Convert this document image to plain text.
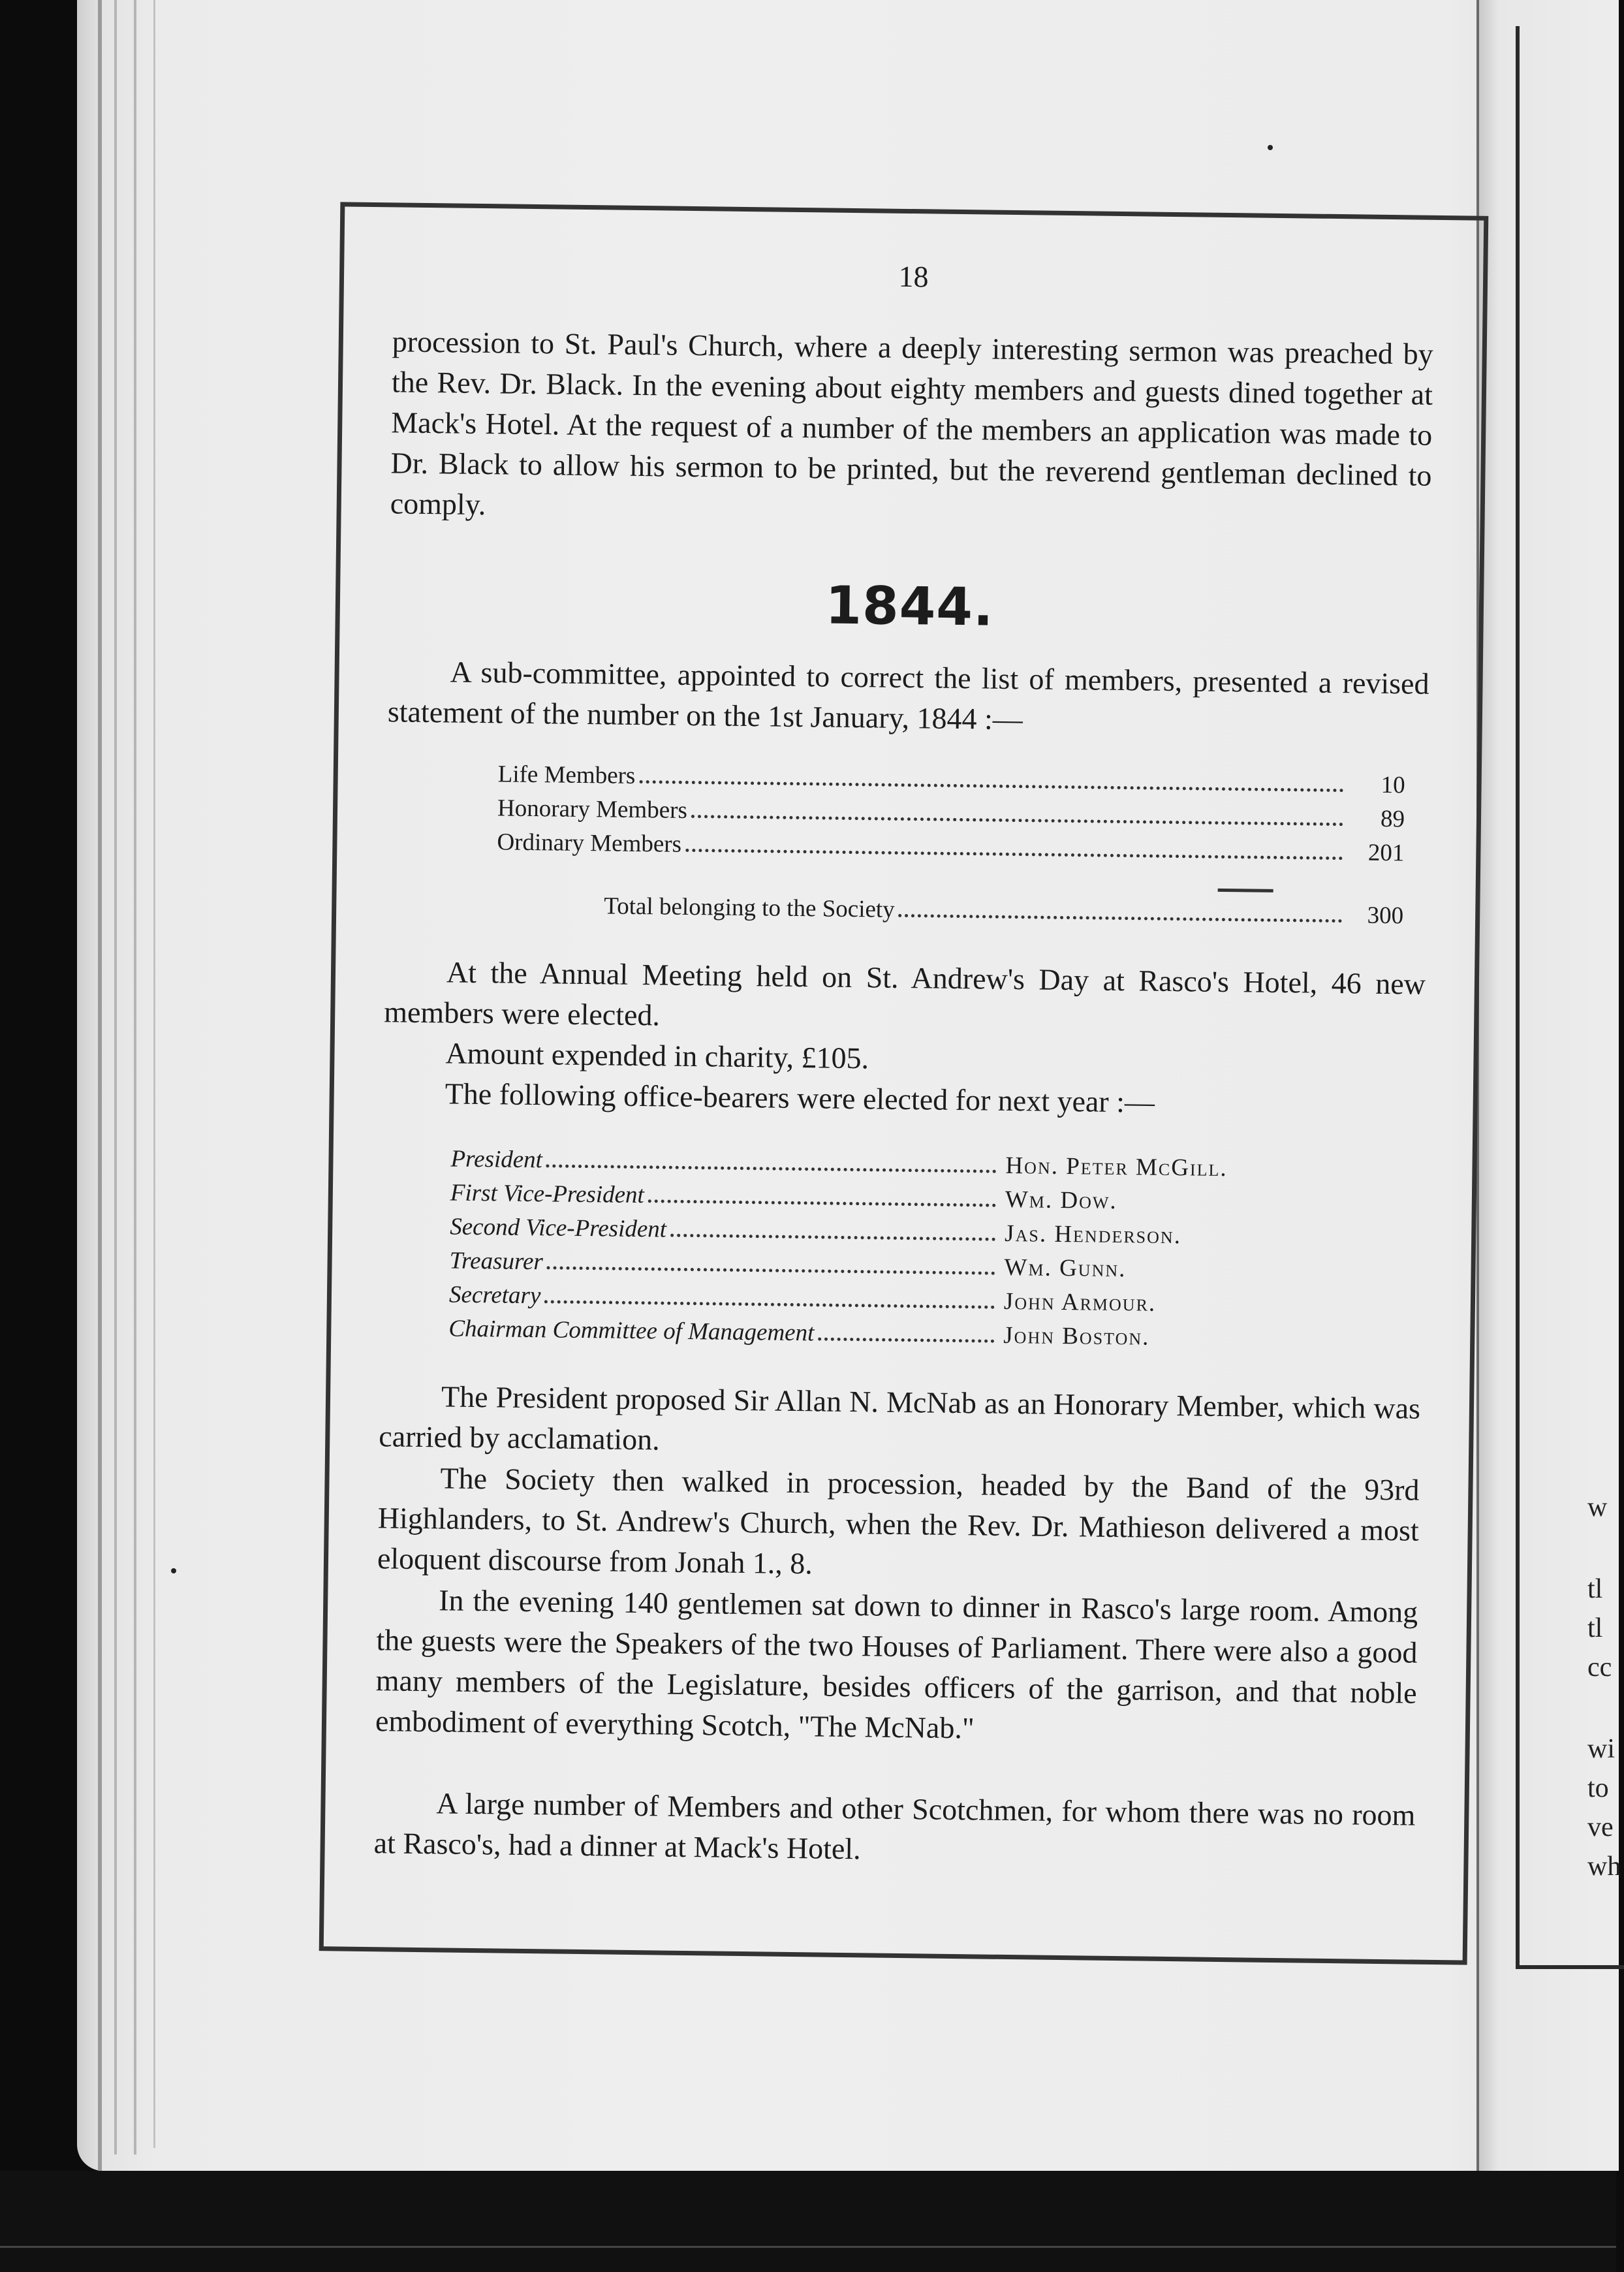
w
tl
tl
cc
wi
to
ve
wh
18
procession to St. Paul's Church, where a deeply interesting sermon was preached by the Rev. Dr. Black. In the evening about eighty members and guests dined together at Mack's Hotel. At the request of a number of the members an application was made to Dr. Black to allow his sermon to be printed, but the reverend gentleman declined to comply.
1844.
A sub-committee, appointed to correct the list of members, presented a revised statement of the number on the 1st January, 1844 :—
Life Members	10
Honorary Members	89
Ordinary Members	201
Total belonging to the Society	300
At the Annual Meeting held on St. Andrew's Day at Rasco's Hotel, 46 new members were elected.
Amount expended in charity, £105.
The following office-bearers were elected for next year :—
President	Hon. Peter McGill.
First Vice-President	Wm. Dow.
Second Vice-President	Jas. Henderson.
Treasurer	Wm. Gunn.
Secretary	John Armour.
Chairman Committee of Management	John Boston.
The President proposed Sir Allan N. McNab as an Honorary Member, which was carried by acclamation.
The Society then walked in procession, headed by the Band of the 93rd Highlanders, to St. Andrew's Church, when the Rev. Dr. Mathieson delivered a most eloquent discourse from Jonah 1., 8.
In the evening 140 gentlemen sat down to dinner in Rasco's large room. Among the guests were the Speakers of the two Houses of Parliament. There were also a good many members of the Legislature, besides officers of the garrison, and that noble embodiment of everything Scotch, "The McNab."
A large number of Members and other Scotchmen, for whom there was no room at Rasco's, had a dinner at Mack's Hotel.
